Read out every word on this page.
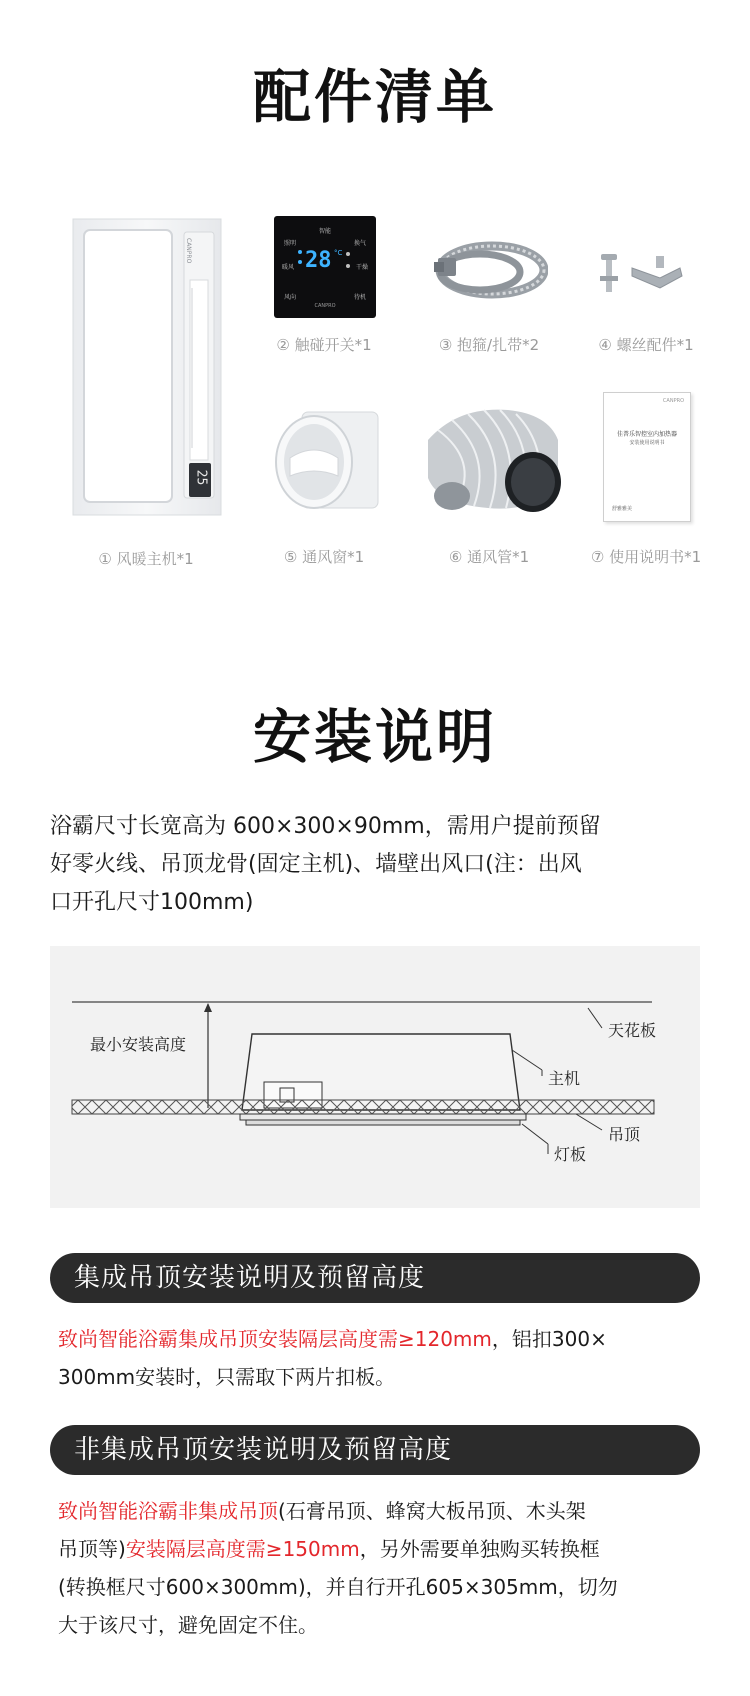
配件清单
CANPRO
25
智能
照明	换气
暖风	干燥
28 °C
风向	待机
CANPRO
CANPRO
佳普乐智控室内加热器
安装使用说明书
舒雅雅美
① 风暖主机*1
② 触碰开关*1	③ 抱箍/扎带*2	④ 螺丝配件*1
⑤ 通风窗*1	⑥ 通风管*1	⑦ 使用说明书*1
安装说明
浴霸尺寸长宽高为 600×300×90mm，需用户提前预留
好零火线、吊顶龙骨(固定主机)、墙壁出风口(注：出风
口开孔尺寸100mm)
最小安装高度
天花板
主机
吊顶
灯板
集成吊顶安装说明及预留高度
致尚智能浴霸集成吊顶安装隔层高度需≥120mm，铝扣300×
300mm安装时，只需取下两片扣板。
非集成吊顶安装说明及预留高度
致尚智能浴霸非集成吊顶(石膏吊顶、蜂窝大板吊顶、木头架
吊顶等)安装隔层高度需≥150mm，另外需要单独购买转换框
(转换框尺寸600×300mm)，并自行开孔605×305mm，切勿
大于该尺寸，避免固定不住。
